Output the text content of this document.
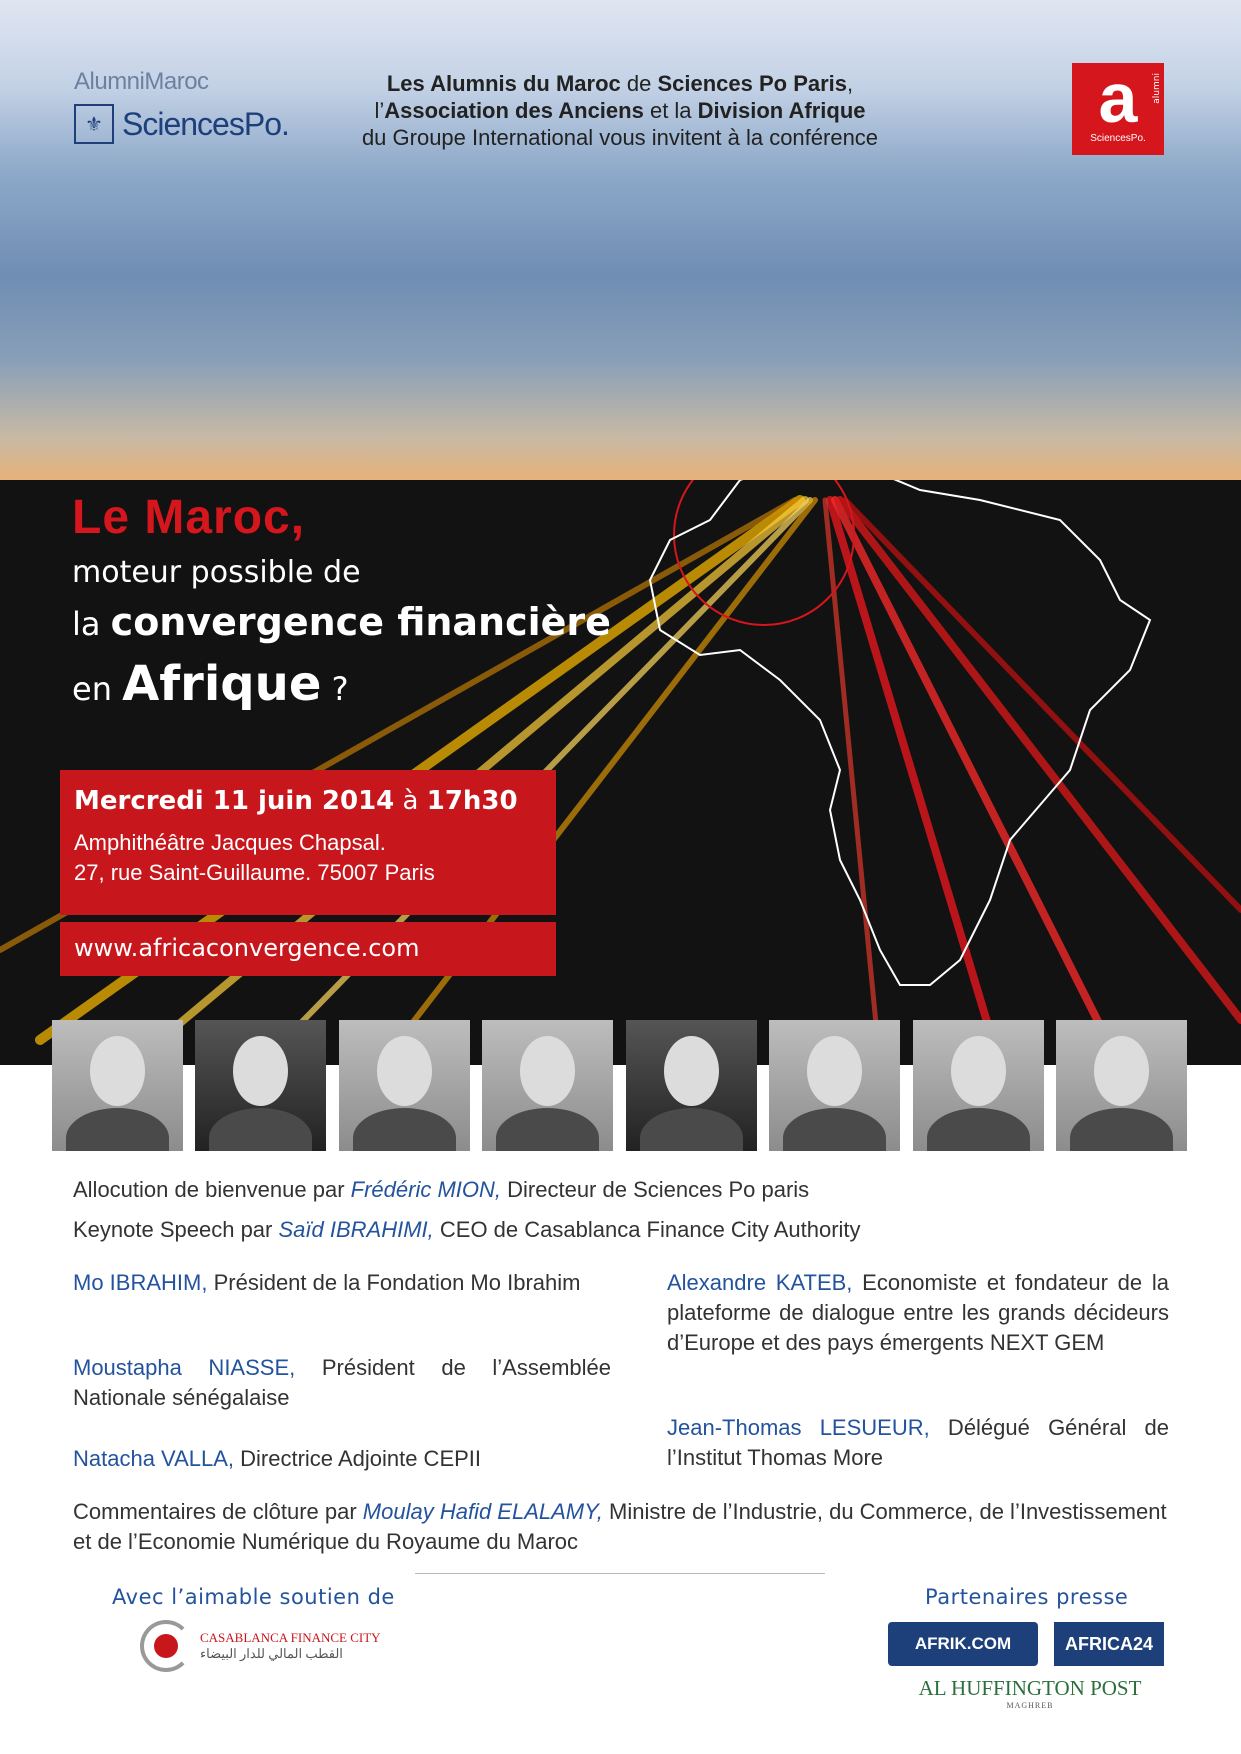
AlumniMaroc
⚜ SciencesPo.
Les Alumnis du Maroc de Sciences Po Paris,
l’Association des Anciens et la Division Afrique
du Groupe International vous invitent à la conférence
a
SciencesPo.
alumni
Le Maroc,
moteur possible de
la convergence financière
en Afrique ?
Mercredi 11 juin 2014 à 17h30
Amphithéâtre Jacques Chapsal.
27, rue Saint-Guillaume. 75007 Paris
www.africaconvergence.com
Allocution de bienvenue par Frédéric MION, Directeur de Sciences Po paris
Keynote Speech par Saïd IBRAHIMI, CEO de Casablanca Finance City Authority
Mo IBRAHIM, Président de la Fondation Mo Ibrahim
Moustapha NIASSE, Président de l’Assemblée Nationale sénégalaise
Natacha VALLA, Directrice Adjointe CEPII
Alexandre KATEB, Economiste et fondateur de la plateforme de dialogue entre les grands décideurs d’Europe et des pays émergents NEXT GEM
Jean-Thomas LESUEUR, Délégué Général de l’Institut Thomas More
Commentaires de clôture par Moulay Hafid ELALAMY, Ministre de l’Industrie, du Commerce, de l’Investissement et de l’Economie Numérique du Royaume du Maroc
Avec l’aimable soutien de	Partenaires presse
CASABLANCA FINANCE CITY
القطب المالي للدار البيضاء
AFRIK.COM	AFRICA24
AL HUFFINGTON POST
MAGHREB
